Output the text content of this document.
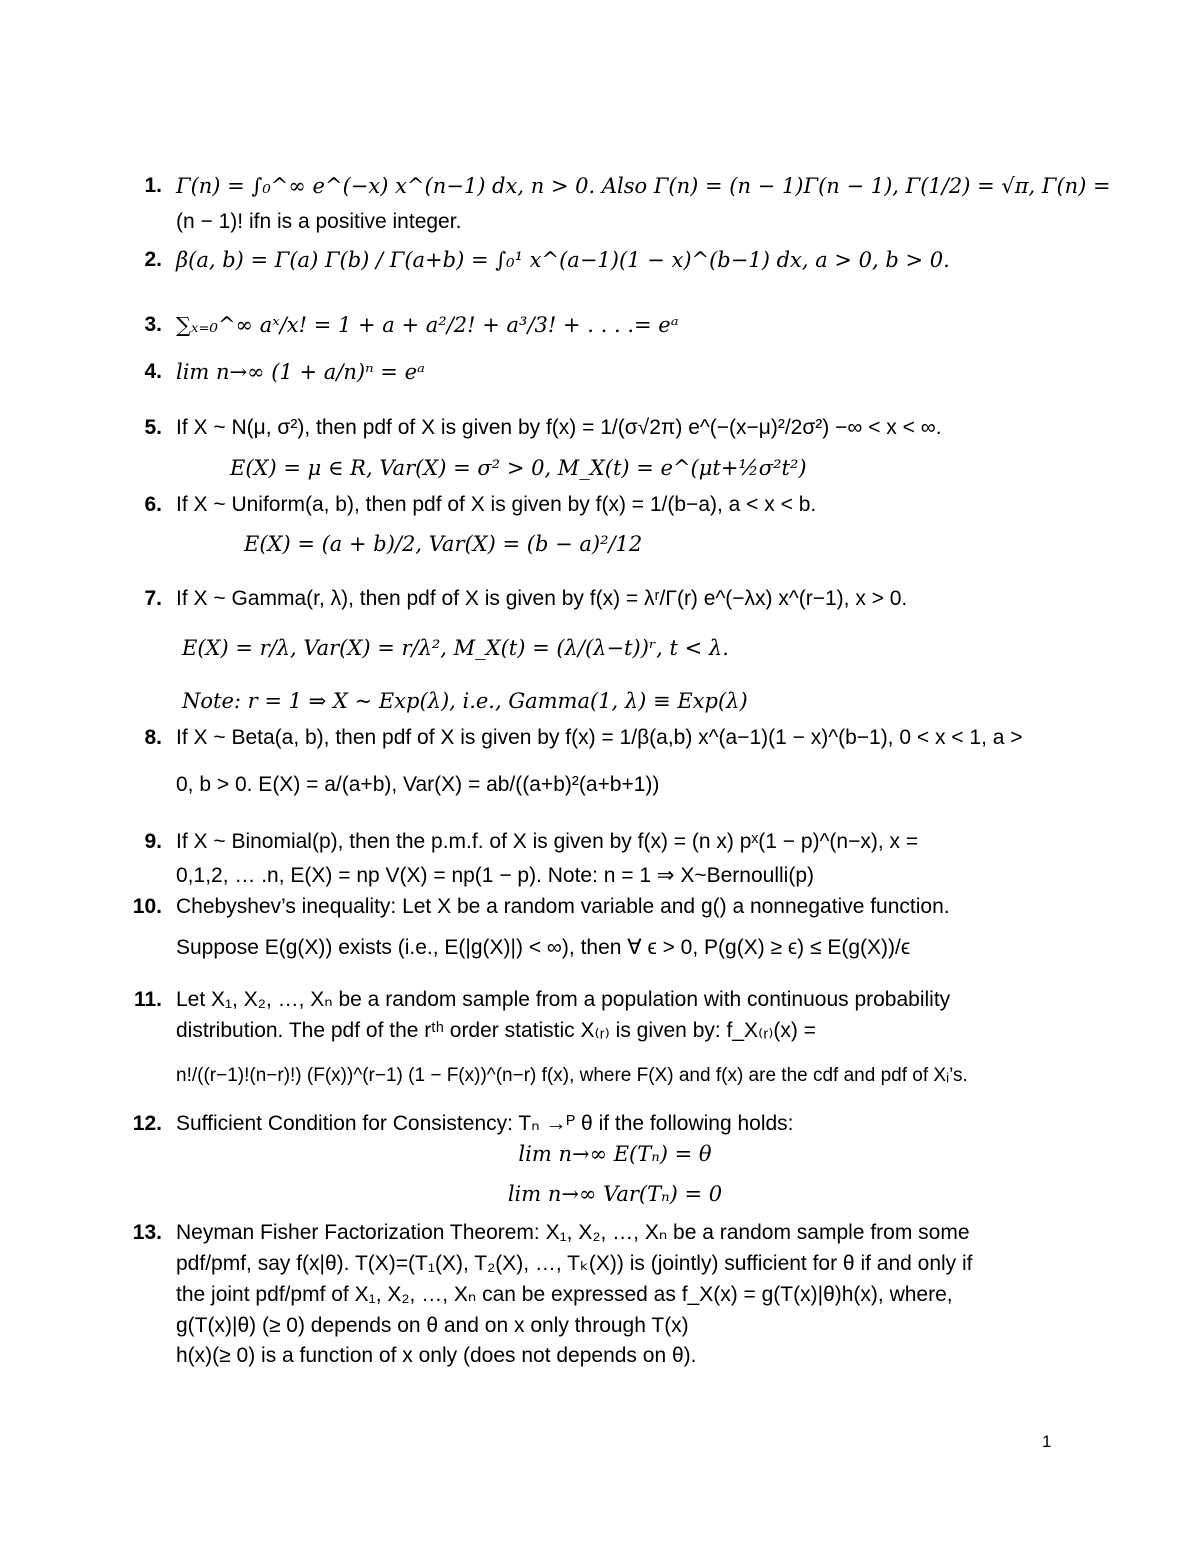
1. Γ(n) = ∫₀^∞ e^(−x) x^(n−1) dx, n > 0. Also Γ(n) = (n − 1)Γ(n − 1), Γ(1/2) = √π, Γ(n) =
(n − 1)! ifn is a positive integer.
2. β(a, b) = Γ(a) Γ(b) / Γ(a+b) = ∫₀¹ x^(a−1)(1 − x)^(b−1) dx, a > 0, b > 0.
3. ∑ₓ₌₀^∞ aˣ/x! = 1 + a + a²/2! + a³/3! + . . . .= eᵃ
4. lim n→∞ (1 + a/n)ⁿ = eᵃ
5. If X ~ N(μ, σ²), then pdf of X is given by f(x) = 1/(σ√2π) e^(−(x−μ)²/2σ²) −∞ < x < ∞.
E(X) = μ ∈ R, Var(X) = σ² > 0, M_X(t) = e^(μt+½σ²t²)
6. If X ~ Uniform(a, b), then pdf of X is given by f(x) = 1/(b−a), a < x < b.
E(X) = (a + b)/2, Var(X) = (b − a)²/12
7. If X ~ Gamma(r, λ), then pdf of X is given by f(x) = λʳ/Γ(r) e^(−λx) x^(r−1), x > 0.
E(X) = r/λ, Var(X) = r/λ², M_X(t) = (λ/(λ−t))ʳ, t < λ.
Note: r = 1 ⇒ X ~ Exp(λ), i.e., Gamma(1, λ) ≡ Exp(λ)
8. If X ~ Beta(a, b), then pdf of X is given by f(x) = 1/β(a,b) x^(a−1)(1 − x)^(b−1), 0 < x < 1, a >
0, b > 0. E(X) = a/(a+b), Var(X) = ab/((a+b)²(a+b+1))
9. If X ~ Binomial(p), then the p.m.f. of X is given by f(x) = (n x) pˣ(1 − p)^(n−x), x =
0,1,2, … .n, E(X) = np V(X) = np(1 − p). Note: n = 1 ⇒ X~Bernoulli(p)
10. Chebyshev’s inequality: Let X be a random variable and g() a nonnegative function.
Suppose E(g(X)) exists (i.e., E(|g(X)|) < ∞), then ∀ ϵ > 0, P(g(X) ≥ ϵ) ≤ E(g(X))/ϵ
11. Let X₁, X₂, …, Xₙ be a random sample from a population with continuous probability
distribution. The pdf of the rᵗʰ order statistic X₍ᵣ₎ is given by: f_X₍ᵣ₎(x) =
n!/((r−1)!(n−r)!) (F(x))^(r−1) (1 − F(x))^(n−r) f(x), where F(X) and f(x) are the cdf and pdf of Xᵢ’s.
12. Sufficient Condition for Consistency: Tₙ →ᴾ θ if the following holds:
lim n→∞ E(Tₙ) = θ
lim n→∞ Var(Tₙ) = 0
13. Neyman Fisher Factorization Theorem: X₁, X₂, …, Xₙ be a random sample from some
pdf/pmf, say f(x|θ). T(X)=(T₁(X), T₂(X), …, Tₖ(X)) is (jointly) sufficient for θ if and only if
the joint pdf/pmf of X₁, X₂, …, Xₙ can be expressed as f_X(x) = g(T(x)|θ)h(x), where,
g(T(x)|θ) (≥ 0) depends on θ and on x only through T(x)
h(x)(≥ 0) is a function of x only (does not depends on θ).
1
